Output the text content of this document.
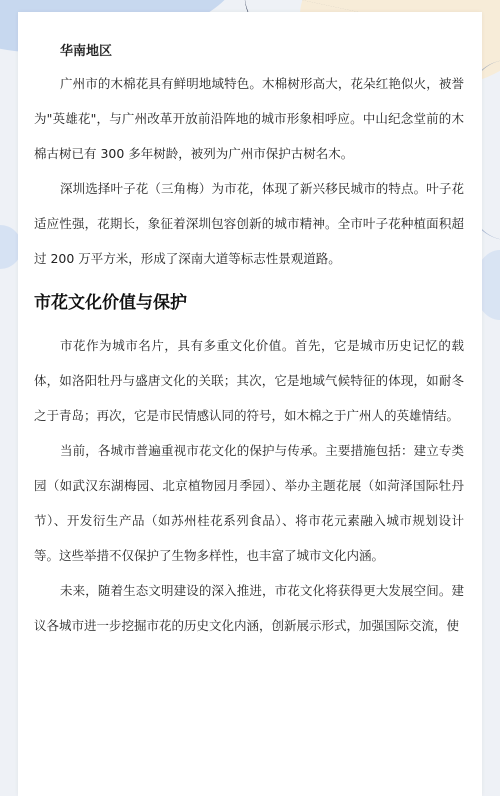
华南地区

广州市的木棉花具有鲜明地域特色。木棉树形高大，花朵红艳似火，被誉为"英雄花"，与广州改革开放前沿阵地的城市形象相呼应。中山纪念堂前的木棉古树已有 300 多年树龄，被列为广州市保护古树名木。

深圳选择叶子花（三角梅）为市花，体现了新兴移民城市的特点。叶子花适应性强，花期长，象征着深圳包容创新的城市精神。全市叶子花种植面积超过 200 万平方米，形成了深南大道等标志性景观道路。

市花文化价值与保护

市花作为城市名片，具有多重文化价值。首先，它是城市历史记忆的载体，如洛阳牡丹与盛唐文化的关联；其次，它是地域气候特征的体现，如耐冬之于青岛；再次，它是市民情感认同的符号，如木棉之于广州人的英雄情结。

当前，各城市普遍重视市花文化的保护与传承。主要措施包括：建立专类园（如武汉东湖梅园、北京植物园月季园）、举办主题花展（如菏泽国际牡丹节）、开发衍生产品（如苏州桂花系列食品）、将市花元素融入城市规划设计等。这些举措不仅保护了生物多样性，也丰富了城市文化内涵。

未来，随着生态文明建设的深入推进，市花文化将获得更大发展空间。建议各城市进一步挖掘市花的历史文化内涵，创新展示形式，加强国际交流，使
